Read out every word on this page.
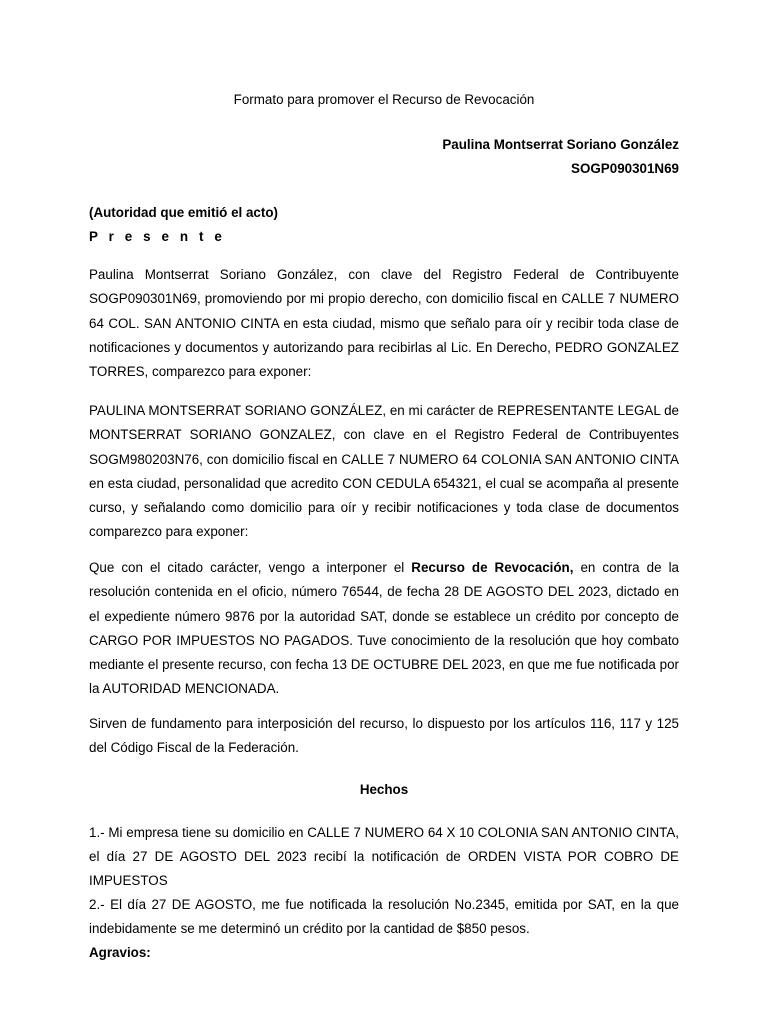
Formato para promover el Recurso de Revocación
Paulina Montserrat Soriano González
SOGP090301N69
(Autoridad que emitió el acto)
P r e s e n t e
Paulina Montserrat Soriano González, con clave del Registro Federal de Contribuyente SOGP090301N69, promoviendo por mi propio derecho, con domicilio fiscal en CALLE 7 NUMERO 64 COL. SAN ANTONIO CINTA en esta ciudad, mismo que señalo para oír y recibir toda clase de notificaciones y documentos y autorizando para recibirlas al Lic. En Derecho, PEDRO GONZALEZ TORRES, comparezco para exponer:
PAULINA MONTSERRAT SORIANO GONZÁLEZ, en mi carácter de REPRESENTANTE LEGAL de MONTSERRAT SORIANO GONZALEZ, con clave en el Registro Federal de Contribuyentes SOGM980203N76, con domicilio fiscal en CALLE 7 NUMERO 64 COLONIA SAN ANTONIO CINTA en esta ciudad, personalidad que acredito CON CEDULA 654321, el cual se acompaña al presente curso, y señalando como domicilio para oír y recibir notificaciones y toda clase de documentos comparezco para exponer:
Que con el citado carácter, vengo a interponer el Recurso de Revocación, en contra de la resolución contenida en el oficio, número 76544, de fecha 28 DE AGOSTO DEL 2023, dictado en el expediente número 9876 por la autoridad SAT, donde se establece un crédito por concepto de CARGO POR IMPUESTOS NO PAGADOS. Tuve conocimiento de la resolución que hoy combato mediante el presente recurso, con fecha 13 DE OCTUBRE DEL 2023, en que me fue notificada por la AUTORIDAD MENCIONADA.
Sirven de fundamento para interposición del recurso, lo dispuesto por los artículos 116, 117 y 125 del Código Fiscal de la Federación.
Hechos
1.- Mi empresa tiene su domicilio en CALLE 7 NUMERO 64 X 10 COLONIA SAN ANTONIO CINTA, el día 27 DE AGOSTO DEL 2023 recibí la notificación de ORDEN VISTA POR COBRO DE IMPUESTOS
2.- El día 27 DE AGOSTO, me fue notificada la resolución No.2345, emitida por SAT, en la que indebidamente se me determinó un crédito por la cantidad de $850 pesos.
Agravios:
